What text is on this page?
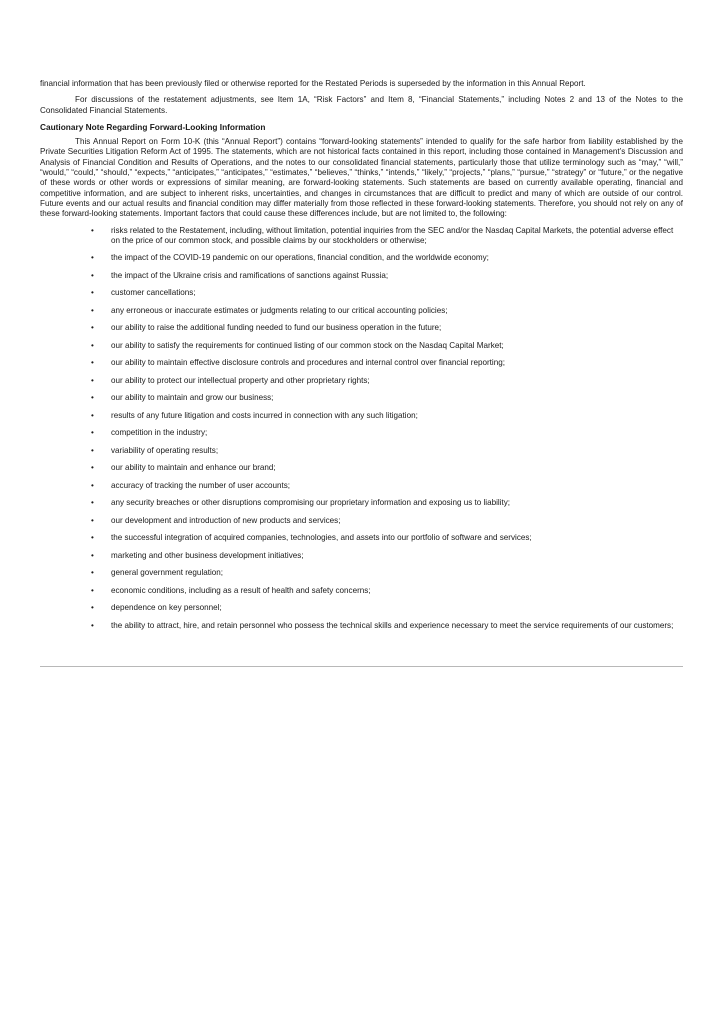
financial information that has been previously filed or otherwise reported for the Restated Periods is superseded by the information in this Annual Report.

For discussions of the restatement adjustments, see Item 1A, “Risk Factors” and Item 8, “Financial Statements,” including Notes 2 and 13 of the Notes to the Consolidated Financial Statements.

Cautionary Note Regarding Forward-Looking Information

This Annual Report on Form 10-K (this “Annual Report”) contains “forward-looking statements” intended to qualify for the safe harbor from liability established by the Private Securities Litigation Reform Act of 1995. The statements, which are not historical facts contained in this report, including those contained in Management’s Discussion and Analysis of Financial Condition and Results of Operations, and the notes to our consolidated financial statements, particularly those that utilize terminology such as “may,” “will,” “would,” “could,” “should,” “expects,” “anticipates,” “anticipates,” “estimates,” “believes,” “thinks,” “intends,” “likely,” “projects,” “plans,” “pursue,” “strategy” or “future,” or the negative of these words or other words or expressions of similar meaning, are forward-looking statements. Such statements are based on currently available operating, financial and competitive information, and are subject to inherent risks, uncertainties, and changes in circumstances that are difficult to predict and many of which are outside of our control. Future events and our actual results and financial condition may differ materially from those reflected in these forward-looking statements. Therefore, you should not rely on any of these forward-looking statements. Important factors that could cause these differences include, but are not limited to, the following:

• risks related to the Restatement, including, without limitation, potential inquiries from the SEC and/or the Nasdaq Capital Markets, the potential adverse effect on the price of our common stock, and possible claims by our stockholders or otherwise;
• the impact of the COVID-19 pandemic on our operations, financial condition, and the worldwide economy;
• the impact of the Ukraine crisis and ramifications of sanctions against Russia;
• customer cancellations;
• any erroneous or inaccurate estimates or judgments relating to our critical accounting policies;
• our ability to raise the additional funding needed to fund our business operation in the future;
• our ability to satisfy the requirements for continued listing of our common stock on the Nasdaq Capital Market;
• our ability to maintain effective disclosure controls and procedures and internal control over financial reporting;
• our ability to protect our intellectual property and other proprietary rights;
• our ability to maintain and grow our business;
• results of any future litigation and costs incurred in connection with any such litigation;
• competition in the industry;
• variability of operating results;
• our ability to maintain and enhance our brand;
• accuracy of tracking the number of user accounts;
• any security breaches or other disruptions compromising our proprietary information and exposing us to liability;
• our development and introduction of new products and services;
• the successful integration of acquired companies, technologies, and assets into our portfolio of software and services;
• marketing and other business development initiatives;
• general government regulation;
• economic conditions, including as a result of health and safety concerns;
• dependence on key personnel;
• the ability to attract, hire, and retain personnel who possess the technical skills and experience necessary to meet the service requirements of our customers;
